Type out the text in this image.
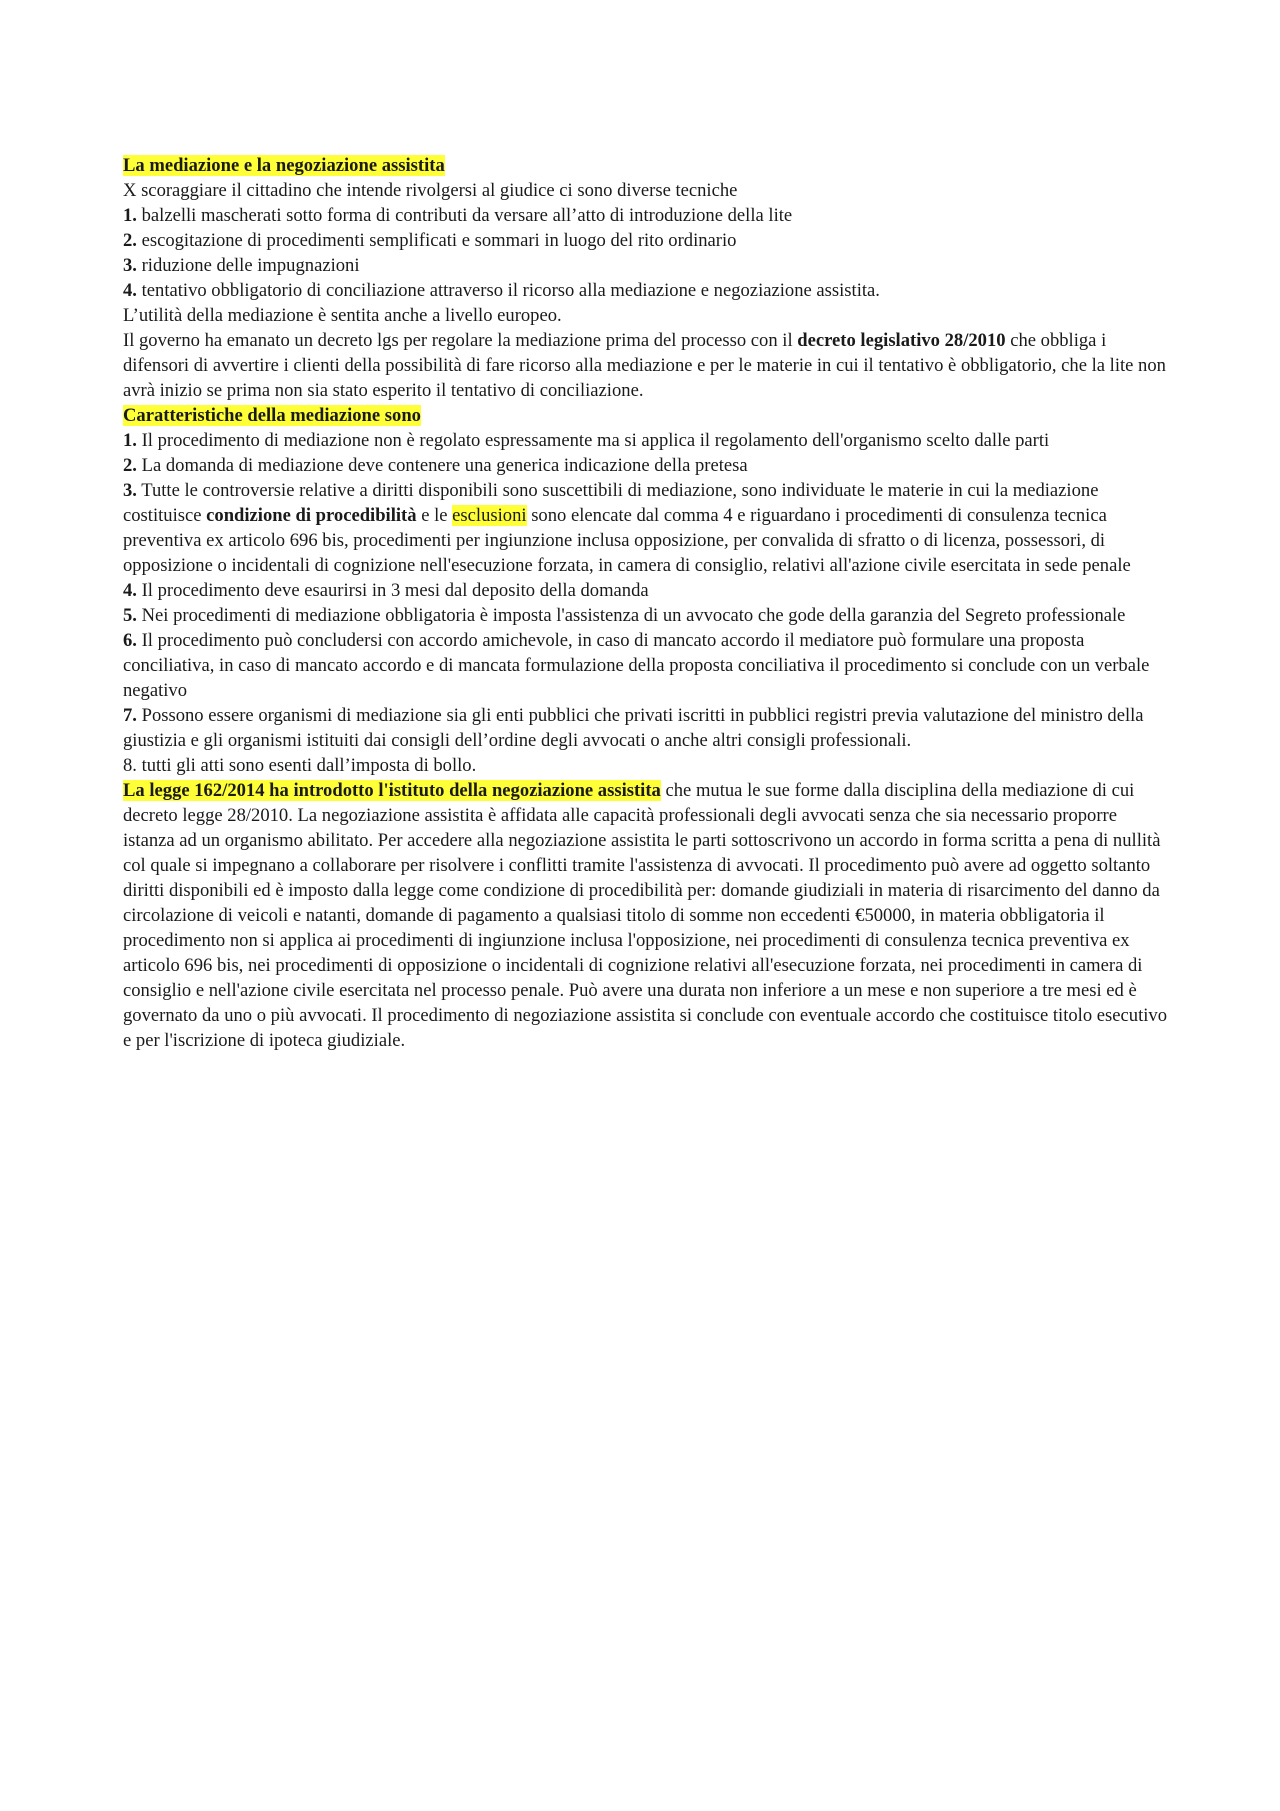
La mediazione e la negoziazione assistita

X scoraggiare il cittadino che intende rivolgersi al giudice ci sono diverse tecniche

1. balzelli mascherati sotto forma di contributi da versare all’atto di introduzione della lite

2. escogitazione di procedimenti semplificati e sommari in luogo del rito ordinario

3. riduzione delle impugnazioni

4. tentativo obbligatorio di conciliazione attraverso il ricorso alla mediazione e negoziazione assistita.

L’utilità della mediazione è sentita anche a livello europeo.

Il governo ha emanato un decreto lgs per regolare la mediazione prima del processo con il decreto legislativo 28/2010 che obbliga i difensori di avvertire i clienti della possibilità di fare ricorso alla mediazione e per le materie in cui il tentativo è obbligatorio, che la lite non avrà inizio se prima non sia stato esperito il tentativo di conciliazione.

Caratteristiche della mediazione sono

1. Il procedimento di mediazione non è regolato espressamente ma si applica il regolamento dell'organismo scelto dalle parti

2. La domanda di mediazione deve contenere una generica indicazione della pretesa

3. Tutte le controversie relative a diritti disponibili sono suscettibili di mediazione, sono individuate le materie in cui la mediazione costituisce condizione di procedibilità e le esclusioni sono elencate dal comma 4 e riguardano i procedimenti di consulenza tecnica preventiva ex articolo 696 bis, procedimenti per ingiunzione inclusa opposizione, per convalida di sfratto o di licenza, possessori, di opposizione o incidentali di cognizione nell'esecuzione forzata, in camera di consiglio, relativi all'azione civile esercitata in sede penale

4. Il procedimento deve esaurirsi in 3 mesi dal deposito della domanda

5. Nei procedimenti di mediazione obbligatoria è imposta l'assistenza di un avvocato che gode della garanzia del Segreto professionale

6. Il procedimento può concludersi con accordo amichevole, in caso di mancato accordo il mediatore può formulare una proposta conciliativa, in caso di mancato accordo e di mancata formulazione della proposta conciliativa il procedimento si conclude con un verbale negativo

7. Possono essere organismi di mediazione sia gli enti pubblici che privati iscritti in pubblici registri previa valutazione del ministro della giustizia e gli organismi istituiti dai consigli dell’ordine degli avvocati o anche altri consigli professionali.

8. tutti gli atti sono esenti dall’imposta di bollo.

La legge 162/2014 ha introdotto l'istituto della negoziazione assistita che mutua le sue forme dalla disciplina della mediazione di cui decreto legge 28/2010. La negoziazione assistita è affidata alle capacità professionali degli avvocati senza che sia necessario proporre istanza ad un organismo abilitato. Per accedere alla negoziazione assistita le parti sottoscrivono un accordo in forma scritta a pena di nullità col quale si impegnano a collaborare per risolvere i conflitti tramite l'assistenza di avvocati. Il procedimento può avere ad oggetto soltanto diritti disponibili ed è imposto dalla legge come condizione di procedibilità per: domande giudiziali in materia di risarcimento del danno da circolazione di veicoli e natanti, domande di pagamento a qualsiasi titolo di somme non eccedenti €50000, in materia obbligatoria il procedimento non si applica ai procedimenti di ingiunzione inclusa l'opposizione, nei procedimenti di consulenza tecnica preventiva ex articolo 696 bis, nei procedimenti di opposizione o incidentali di cognizione relativi all'esecuzione forzata, nei procedimenti in camera di consiglio e nell'azione civile esercitata nel processo penale. Può avere una durata non inferiore a un mese e non superiore a tre mesi ed è governato da uno o più avvocati. Il procedimento di negoziazione assistita si conclude con eventuale accordo che costituisce titolo esecutivo e per l'iscrizione di ipoteca giudiziale.
